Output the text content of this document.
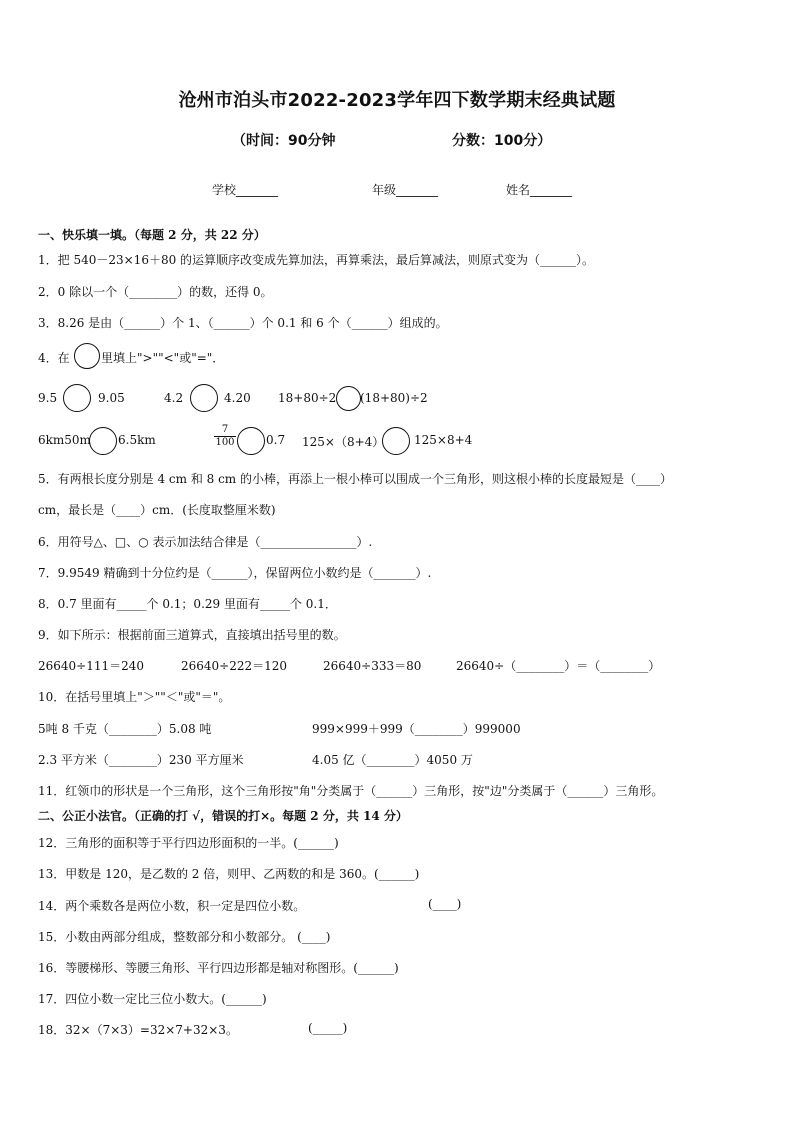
沧州市泊头市2022-2023学年四下数学期末经典试题
（时间：90分钟	分数：100分）
学校_______	年级_______	姓名_______
一、快乐填一填。（每题 2 分，共 22 分）
1．把 540－23×16＋80 的运算顺序改变成先算加法，再算乘法，最后算减法，则原式变为（______）。
2．0 除以一个（________）的数，还得 0。
3．8.26 是由（______）个 1、（______）个 0.1 和 6 个（______）组成的。
4．在	里填上">""<"或"="．
9.5	9.05	4.2	4.20 18+80÷2 (18+80)÷2
6km50m 6.5km	$\frac{7}{100}$	0.7 125×（8+4） 125×8+4
5．有两根长度分别是 4 cm 和 8 cm 的小棒，再添上一根小棒可以围成一个三角形，则这根小棒的长度最短是（____）
cm，最长是（____）cm．(长度取整厘米数)
6．用符号△、□、○ 表示加法结合律是（________________）.
7．9.9549 精确到十分位约是（______），保留两位小数约是（_______）.
8．0.7 里面有_____个 0.1；0.29 里面有_____个 0.1．
9．如下所示：根据前面三道算式，直接填出括号里的数。
26640÷111＝240	26640÷222＝120	26640÷333＝80	26640÷（________）＝（________）
10．在括号里填上"＞""＜"或"＝"。
5吨 8 千克（________）5.08 吨	999×999＋999（________）999000
2.3 平方米（________）230 平方厘米	4.05 亿（________）4050 万
11．红领巾的形状是一个三角形，这个三角形按"角"分类属于（______）三角形，按"边"分类属于（______）三角形。
二、公正小法官。（正确的打 √，错误的打×。每题 2 分，共 14 分）
12．三角形的面积等于平行四边形面积的一半。(______)
13．甲数是 120，是乙数的 2 倍，则甲、乙两数的和是 360。(______)
14．两个乘数各是两位小数，积一定是四位小数。	(____)
15．小数由两部分组成，整数部分和小数部分。 (____)
16．等腰梯形、等腰三角形、平行四边形都是轴对称图形。(______)
17．四位小数一定比三位小数大。(______)
18．32×（7×3）=32×7+32×3。	(_____)
